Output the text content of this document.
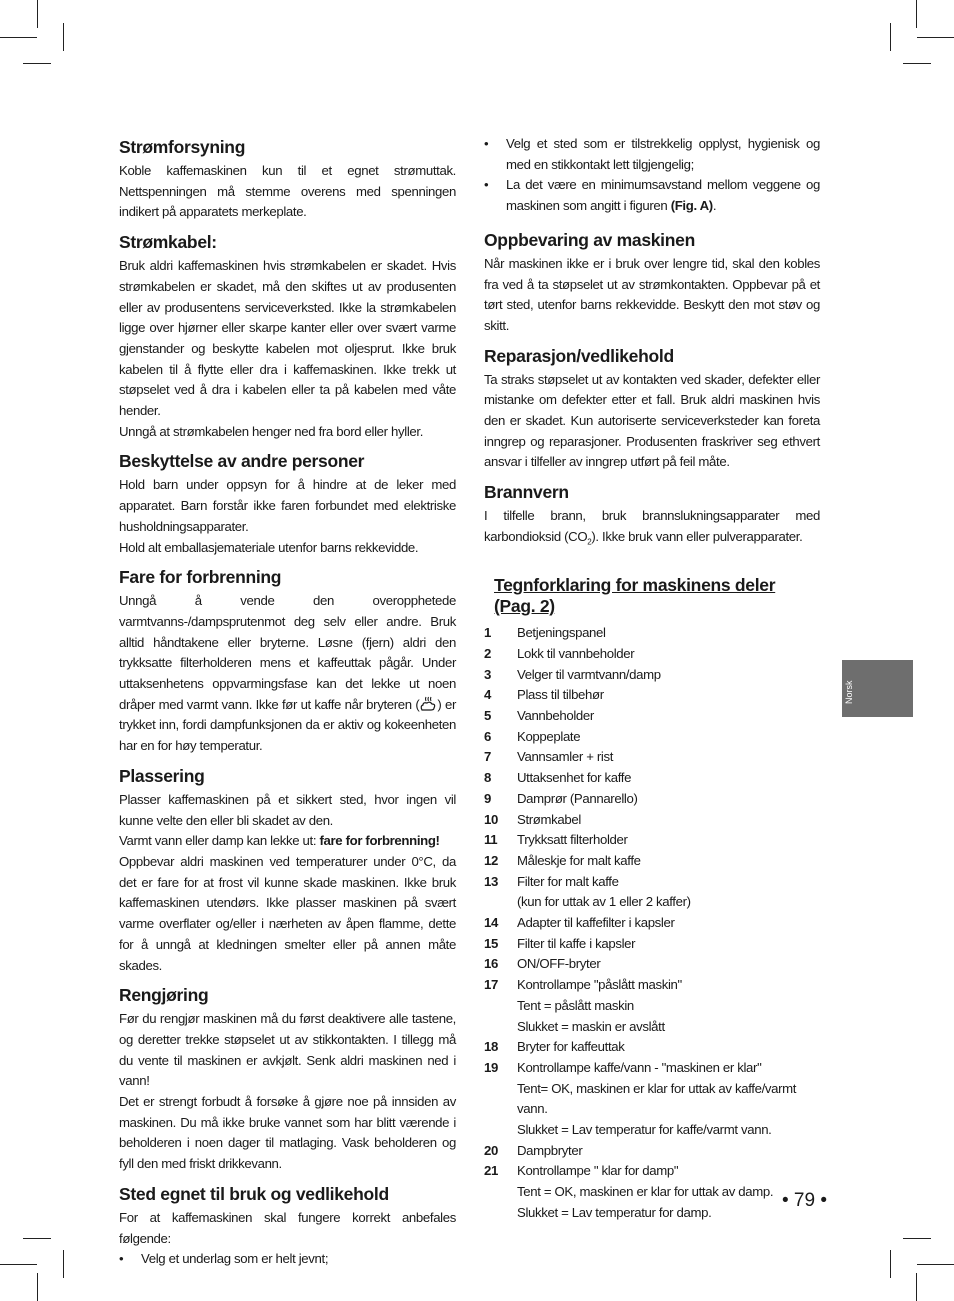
Strømforsyning

Koble kaffemaskinen kun til et egnet strømuttak. Nettspenningen må stemme overens med spenningen indikert på apparatets merkeplate.

Strømkabel:

Bruk aldri kaffemaskinen hvis strømkabelen er skadet. Hvis strømkabelen er skadet, må den skiftes ut av produsenten eller av produsentens serviceverksted. Ikke la strømkabelen ligge over hjørner eller skarpe kanter eller over svært varme gjenstander og beskytte kabelen mot oljesprut. Ikke bruk kabelen til å flytte eller dra i kaffemaskinen. Ikke trekk ut støpselet ved å dra i kabelen eller ta på kabelen med våte hender.

Unngå at strømkabelen henger ned fra bord eller hyller.

Beskyttelse av andre personer

Hold barn under oppsyn for å hindre at de leker med apparatet. Barn forstår ikke faren forbundet med elektriske husholdningsapparater.

Hold alt emballasjemateriale utenfor barns rekkevidde.

Fare for forbrenning

Unngå å vende den overopphetede varmtvanns-/dampsprutenmot deg selv eller andre. Bruk alltid håndtakene eller bryterne. Løsne (fjern) aldri den trykksatte filterholderen mens et kaffeuttak pågår. Under uttaksenhetens oppvarmingsfase kan det lekke ut noen dråper med varmt vann. Ikke før ut kaffe når bryteren ( ) er trykket inn, fordi dampfunksjonen da er aktiv og kokeenheten har en for høy temperatur.

Plassering

Plasser kaffemaskinen på et sikkert sted, hvor ingen vil kunne velte den eller bli skadet av den.

Varmt vann eller damp kan lekke ut: fare for forbrenning!

Oppbevar aldri maskinen ved temperaturer under 0°C, da det er fare for at frost vil kunne skade maskinen. Ikke bruk kaffemaskinen utendørs. Ikke plasser maskinen på svært varme overflater og/eller i nærheten av åpen flamme, dette for å unngå at kledningen smelter eller på annen måte skades.

Rengjøring

Før du rengjør maskinen må du først deaktivere alle tastene, og deretter trekke støpselet ut av stikkontakten. I tillegg må du vente til maskinen er avkjølt. Senk aldri maskinen ned i vann!

Det er strengt forbudt å forsøke å gjøre noe på innsiden av maskinen. Du må ikke bruke vannet som har blitt værende i beholderen i noen dager til matlaging. Vask beholderen og fyll den med friskt drikkevann.

Sted egnet til bruk og vedlikehold

For at kaffemaskinen skal fungere korrekt anbefales følgende:

• Velg et underlag som er helt jevnt;
• Velg et sted som er tilstrekkelig opplyst, hygienisk og med en stikkontakt lett tilgjengelig;
• La det være en minimumsavstand mellom veggene og maskinen som angitt i figuren (Fig. A).
Oppbevaring av maskinen

Når maskinen ikke er i bruk over lengre tid, skal den kobles fra ved å ta støpselet ut av strømkontakten. Oppbevar på et tørt sted, utenfor barns rekkevidde. Beskytt den mot støv og skitt.

Reparasjon/vedlikehold

Ta straks støpselet ut av kontakten ved skader, defekter eller mistanke om defekter etter et fall. Bruk aldri maskinen hvis den er skadet. Kun autoriserte serviceverksteder kan foreta inngrep og reparasjoner. Produsenten fraskriver seg ethvert ansvar i tilfeller av inngrep utført på feil måte.

Brannvern

I tilfelle brann, bruk brannslukningsapparater med karbondioksid $(CO_2)$. Ikke bruk vann eller pulverapparater.

Tegnforklaring for maskinens deler (Pag. 2)
1	Betjeningspanel
2	Lokk til vannbeholder
3	Velger til varmtvann/damp
4	Plass til tilbehør
5	Vannbeholder
6	Koppeplate
7	Vannsamler + rist
8	Uttaksenhet for kaffe
9	Damprør (Pannarello)
10	Strømkabel
11	Trykksatt filterholder
12	Måleskje for malt kaffe
13	Filter for malt kaffe
(kun for uttak av 1 eller 2 kaffer)
14	Adapter til kaffefilter i kapsler
15	Filter til kaffe i kapsler
16	ON/OFF-bryter
17	Kontrollampe "påslått maskin"
Tent = påslått maskin
Slukket = maskin er avslått
18	Bryter for kaffeuttak
19	Kontrollampe kaffe/vann - "maskinen er klar"
Tent= OK, maskinen er klar for uttak av kaffe/varmt vann.
Slukket = Lav temperatur for kaffe/varmt vann.
20	Dampbryter
21	Kontrollampe " klar for damp"
Tent = OK, maskinen er klar for uttak av damp.
Slukket = Lav temperatur for damp.
Norsk
• 79 •
